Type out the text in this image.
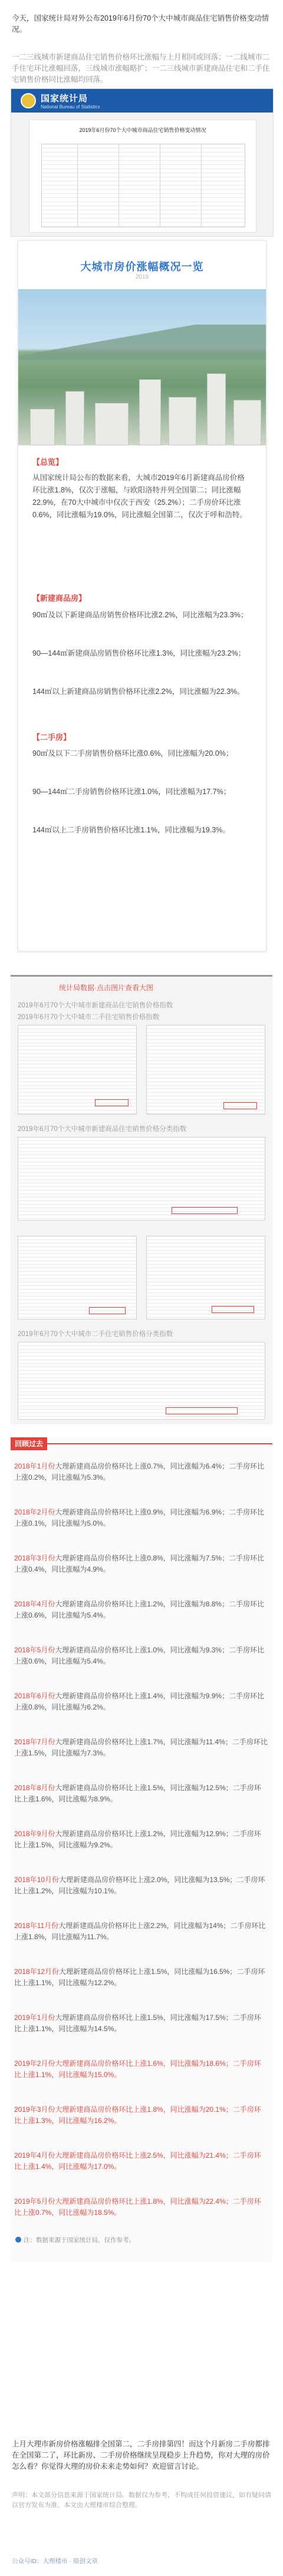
今天，国家统计局对外公布2019年6月份70个大中城市商品住宅销售价格变动情况。

一二三线城市新建商品住宅销售价格环比涨幅与上月相同或回落；一二线城市二手住宅环比涨幅回落，三线城市涨幅略扩；一二三线城市新建商品住宅和二手住宅销售价格同比涨幅均回落。

国家统计局
National Bureau of Statistics
2019年6月份70个大中城市商品住宅销售价格变动情况
大城市房价涨幅概况一览
2019
【总览】
从国家统计局公布的数据来看，大城市2019年6月新建商品房价格环比涨1.8%，仅次于涨幅，与欧阳洛特并列全国第二；同比涨幅22.9%，在70大中城市中仅次于西安（25.2%）；二手房价环比涨0.6%，同比涨幅为19.0%，同比涨幅全国第二，仅次于呼和浩特。
【新建商品房】
90㎡及以下新建商品房销售价格环比涨2.2%，同比涨幅为23.3%；
90—144㎡新建商品房销售价格环比涨1.3%，同比涨幅为23.2%；
144㎡以上新建商品房销售价格环比涨2.2%，同比涨幅为22.3%。
【二手房】
90㎡及以下二手房销售价格环比涨0.6%，同比涨幅为20.0%；
90—144㎡二手房销售价格环比涨1.0%，同比涨幅为17.7%；
144㎡以上二手房销售价格环比涨1.1%，同比涨幅为19.3%。
统计局数据·点击图片查看大图
2019年6月70个大中城市新建商品住宅销售价格指数
2019年6月70个大中城市二手住宅销售价格指数
2019年6月70个大中城市新建商品住宅销售价格分类指数
2019年6月70个大中城市二手住宅销售价格分类指数
回顾过去
2018年1月份大理新建商品房价格环比上涨0.7%，同比涨幅为6.4%；二手房环比上涨0.2%，同比涨幅为5.3%。
2018年2月份大理新建商品房价格环比上涨0.9%，同比涨幅为6.9%；二手房环比上涨0.1%，同比涨幅为5.0%。
2018年3月份大理新建商品房价格环比上涨0.8%，同比涨幅为7.5%；二手房环比上涨0.4%，同比涨幅为4.9%。
2018年4月份大理新建商品房价格环比上涨1.2%，同比涨幅为8.8%；二手房环比上涨0.6%，同比涨幅为5.4%。
2018年5月份大理新建商品房价格环比上涨1.0%，同比涨幅为9.3%；二手房环比上涨0.6%，同比涨幅为5.4%。
2018年6月份大理新建商品房价格环比上涨1.4%，同比涨幅为9.9%；二手房环比上涨0.8%，同比涨幅为6.2%。
2018年7月份大理新建商品房价格环比上涨1.7%，同比涨幅为11.4%；二手房环比上涨1.5%，同比涨幅为7.3%。
2018年8月份大理新建商品房价格环比上涨1.5%，同比涨幅为12.5%；二手房环比上涨1.6%，同比涨幅为8.9%。
2018年9月份大理新建商品房价格环比上涨1.2%，同比涨幅为12.9%；二手房环比上涨1.5%，同比涨幅为9.2%。
2018年10月份大理新建商品房价格环比上涨2.0%，同比涨幅为13.5%；二手房环比上涨1.2%，同比涨幅为10.1%。
2018年11月份大理新建商品房价格环比上涨2.2%，同比涨幅为14%；二手房环比上涨1.8%，同比涨幅为11.7%。
2018年12月份大理新建商品房价格环比上涨1.5%，同比涨幅为16.5%；二手房环比上涨1.1%，同比涨幅为12.2%。
2019年1月份大理新建商品房价格环比上涨1.5%，同比涨幅为17.5%；二手房环比上涨1.1%，同比涨幅为14.5%。
2019年2月份大理新建商品房价格环比上涨1.6%，同比涨幅为18.6%；二手房环比上涨1.1%，同比涨幅为15.0%。
2019年3月份大理新建商品房价格环比上涨1.8%，同比涨幅为20.1%；二手房环比上涨1.3%，同比涨幅为16.2%。
2019年4月份大理新建商品房价格环比上涨2.5%，同比涨幅为21.4%；二手房环比上涨1.4%，同比涨幅为17.0%。
2019年5月份大理新建商品房价格环比上涨1.8%，同比涨幅为22.4%；二手房环比上涨0.7%，同比涨幅为18.5%。
注：数据来源于国家统计局，仅作参考。
上月大理市新房价格涨幅排全国第二，二手房排第四！而这个月新房二手房都排在全国第二了，环比新房、二手房价格继续呈现稳步上升趋势，你对大理的房价怎么看？你觉得大理的房价未来走势如何？欢迎留言讨论。
声明：本文部分信息来源于国家统计局。数据仅为参考，不构成任何投资建议，如有疑问请以官方发布为准。本文由大理楼市综合整理。
公众号ID：大理楼市 · 原创文章
